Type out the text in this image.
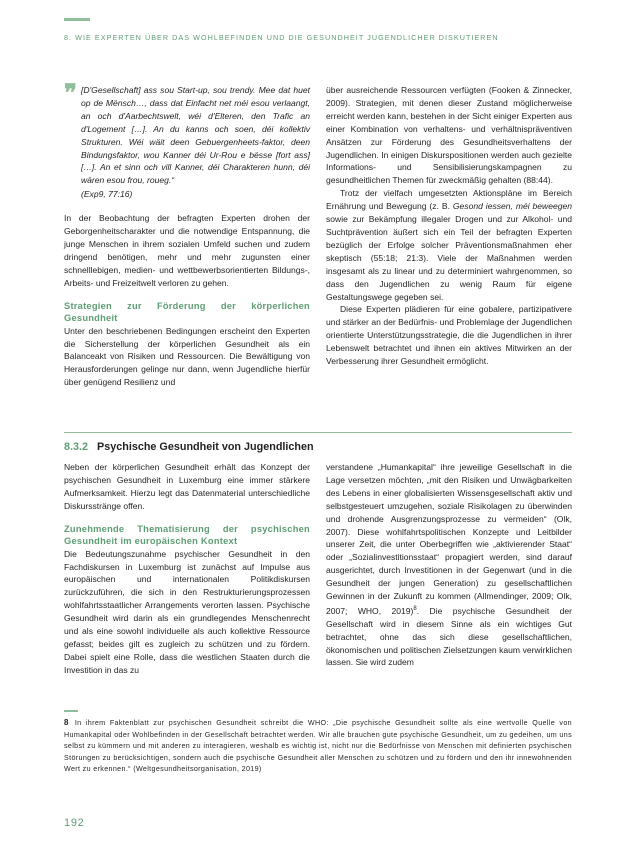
8. WIE EXPERTEN ÜBER DAS WOHLBEFINDEN UND DIE GESUNDHEIT JUGENDLICHER DISKUTIEREN
❞ [D'Gesellschaft] ass sou Start-up, sou trendy. Mee dat huet op de Mënsch…, dass dat Einfacht net méi esou verlaangt, an och d'Aarbechtswelt, wéi d'Elteren, den Trafic an d'Logement […]. An du kanns och soen, déi kollektiv Strukturen. Wéi wäit deen Gebuergenheets-faktor, deen Bindungsfaktor, wou Kanner déi Ur-Rou e bësse [fort ass] […]. An et sinn och vill Kanner, déi Charakteren hunn, déi wären esou frou, roueg.“

(Exp9, 77:16)

In der Beobachtung der befragten Experten drohen der Geborgenheitscharakter und die notwendige Entspannung, die junge Menschen in ihrem sozialen Umfeld suchen und zudem dringend benötigen, mehr und mehr zugunsten einer schnelllebigen, medien- und wettbewerbsorientierten Bildungs-, Arbeits- und Freizeitwelt verloren zu gehen.

Strategien zur Förderung der körperlichen Gesundheit

Unter den beschriebenen Bedingungen erscheint den Experten die Sicherstellung der körperlichen Gesundheit als ein Balanceakt von Risiken und Ressourcen. Die Bewältigung von Herausforderungen gelinge nur dann, wenn Jugendliche hierfür über genügend Resilienz und

über ausreichende Ressourcen verfügten (Fooken & Zinnecker, 2009). Strategien, mit denen dieser Zustand möglicherweise erreicht werden kann, bestehen in der Sicht einiger Experten aus einer Kombination von verhaltens- und verhältnispräventiven Ansätzen zur Förderung des Gesundheitsverhaltens der Jugendlichen. In einigen Diskurspositionen werden auch gezielte Informations- und Sensibilisierungskampagnen zu gesundheitlichen Themen für zweckmäßig gehalten (88:44).

Trotz der vielfach umgesetzten Aktionspläne im Bereich Ernährung und Bewegung (z. B. Gesond iessen, méi beweegen sowie zur Bekämpfung illegaler Drogen und zur Alkohol- und Suchtprävention äußert sich ein Teil der befragten Experten bezüglich der Erfolge solcher Präventionsmaßnahmen eher skeptisch (55:18; 21:3). Viele der Maßnahmen werden insgesamt als zu linear und zu determiniert wahrgenommen, so dass den Jugendlichen zu wenig Raum für eigene Gestaltungswege gegeben sei.

Diese Experten plädieren für eine gobalere, partizipativere und stärker an der Bedürfnis- und Problemlage der Jugendlichen orientierte Unterstützungsstrategie, die die Jugendlichen in ihrer Lebenswelt betrachtet und ihnen ein aktives Mitwirken an der Verbesserung ihrer Gesundheit ermöglicht.

8.3.2 Psychische Gesundheit von Jugendlichen

Neben der körperlichen Gesundheit erhält das Konzept der psychischen Gesundheit in Luxemburg eine immer stärkere Aufmerksamkeit. Hierzu legt das Datenmaterial unterschiedliche Diskursstränge offen.

Zunehmende Thematisierung der psychischen Gesundheit im europäischen Kontext

Die Bedeutungszunahme psychischer Gesundheit in den Fachdiskursen in Luxemburg ist zunächst auf Impulse aus europäischen und internationalen Politikdiskursen zurückzuführen, die sich in den Restrukturierungsprozessen wohlfahrtsstaatlicher Arrangements verorten lassen. Psychische Gesundheit wird darin als ein grundlegendes Menschenrecht und als eine sowohl individuelle als auch kollektive Ressource gefasst; beides gilt es zugleich zu schützen und zu fördern. Dabei spielt eine Rolle, dass die westlichen Staaten durch die Investition in das zu

verstandene „Humankapital“ ihre jeweilige Gesellschaft in die Lage versetzen möchten, „mit den Risiken und Unwägbarkeiten des Lebens in einer globalisierten Wissensgesellschaft aktiv und selbstgesteuert umzugehen, soziale Risikolagen zu überwinden und drohende Ausgrenzungsprozesse zu vermeiden“ (Olk, 2007). Diese wohlfahrtspolitischen Konzepte und Leitbilder unserer Zeit, die unter Oberbegriffen wie „aktivierender Staat“ oder „Sozialinvestitionsstaat“ propagiert werden, sind darauf ausgerichtet, durch Investitionen in der Gegenwart (und in die Gesundheit der jungen Generation) zu gesellschaftlichen Gewinnen in der Zukunft zu kommen (Allmendinger, 2009; Olk, 2007; WHO, 2019)$^8$. Die psychische Gesundheit der Gesellschaft wird in diesem Sinne als ein wichtiges Gut betrachtet, ohne das sich diese gesellschaftlichen, ökonomischen und politischen Zielsetzungen kaum verwirklichen lassen. Sie wird zudem

8 In ihrem Faktenblatt zur psychischen Gesundheit schreibt die WHO: „Die psychische Gesundheit sollte als eine wertvolle Quelle von Humankapital oder Wohlbefinden in der Gesellschaft betrachtet werden. Wir alle brauchen gute psychische Gesundheit, um zu gedeihen, um uns selbst zu kümmern und mit anderen zu interagieren, weshalb es wichtig ist, nicht nur die Bedürfnisse von Menschen mit definierten psychischen Störungen zu berücksichtigen, sondern auch die psychische Gesundheit aller Menschen zu schützen und zu fördern und den ihr innewohnenden Wert zu erkennen.“ (Weltgesundheitsorganisation, 2019)
192
